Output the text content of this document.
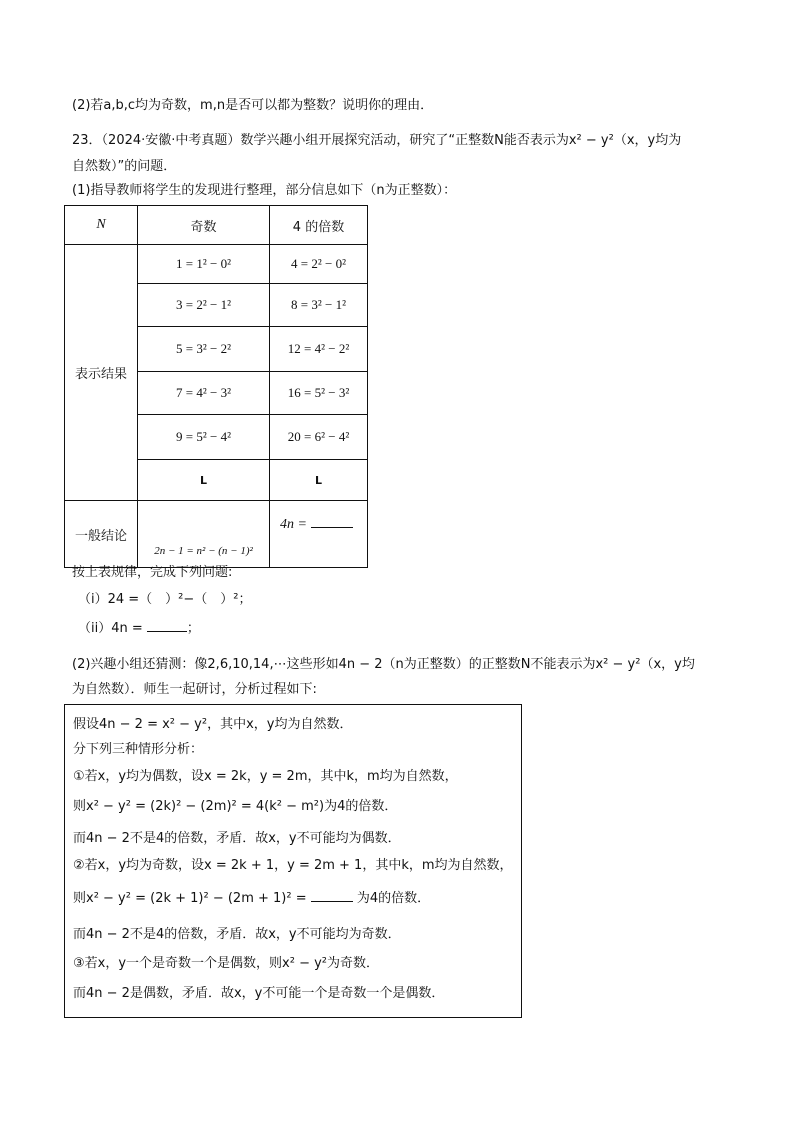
(2)若a,b,c均为奇数，m,n是否可以都为整数？说明你的理由．
23．（2024·安徽·中考真题）数学兴趣小组开展探究活动，研究了“正整数N能否表示为x² − y²（x，y均为
自然数）”的问题．
(1)指导教师将学生的发现进行整理，部分信息如下（n为正整数）：
N	奇数	4 的倍数
表示结果	1 = 1² − 0²	4 = 2² − 0²
	3 = 2² − 1²	8 = 3² − 1²
	5 = 3² − 2²	12 = 4² − 2²
	7 = 4² − 3²	16 = 5² − 3²
	9 = 5² − 4²	20 = 6² − 4²
	L	L
一般结论	2n − 1 = n² − (n − 1)²	4n =
按上表规律，完成下列问题:
（i）24 =（　）²−（　）²；
（ii）4n =	；
(2)兴趣小组还猜测：像2,6,10,14,⋯这些形如4n − 2（n为正整数）的正整数N不能表示为x² − y²（x，y均
为自然数）．师生一起研讨，分析过程如下:
假设4n − 2 = x² − y²，其中x，y均为自然数．
分下列三种情形分析：
①若x，y均为偶数，设x = 2k，y = 2m，其中k，m均为自然数，
则x² − y² = (2k)² − (2m)² = 4(k² − m²)为4的倍数．
而4n − 2不是4的倍数，矛盾．故x，y不可能均为偶数．
②若x，y均为奇数，设x = 2k + 1，y = 2m + 1，其中k，m均为自然数，
则x² − y² = (2k + 1)² − (2m + 1)² =	为4的倍数．
而4n − 2不是4的倍数，矛盾．故x，y不可能均为奇数．
③若x，y一个是奇数一个是偶数，则x² − y²为奇数．
而4n − 2是偶数，矛盾．故x，y不可能一个是奇数一个是偶数．
